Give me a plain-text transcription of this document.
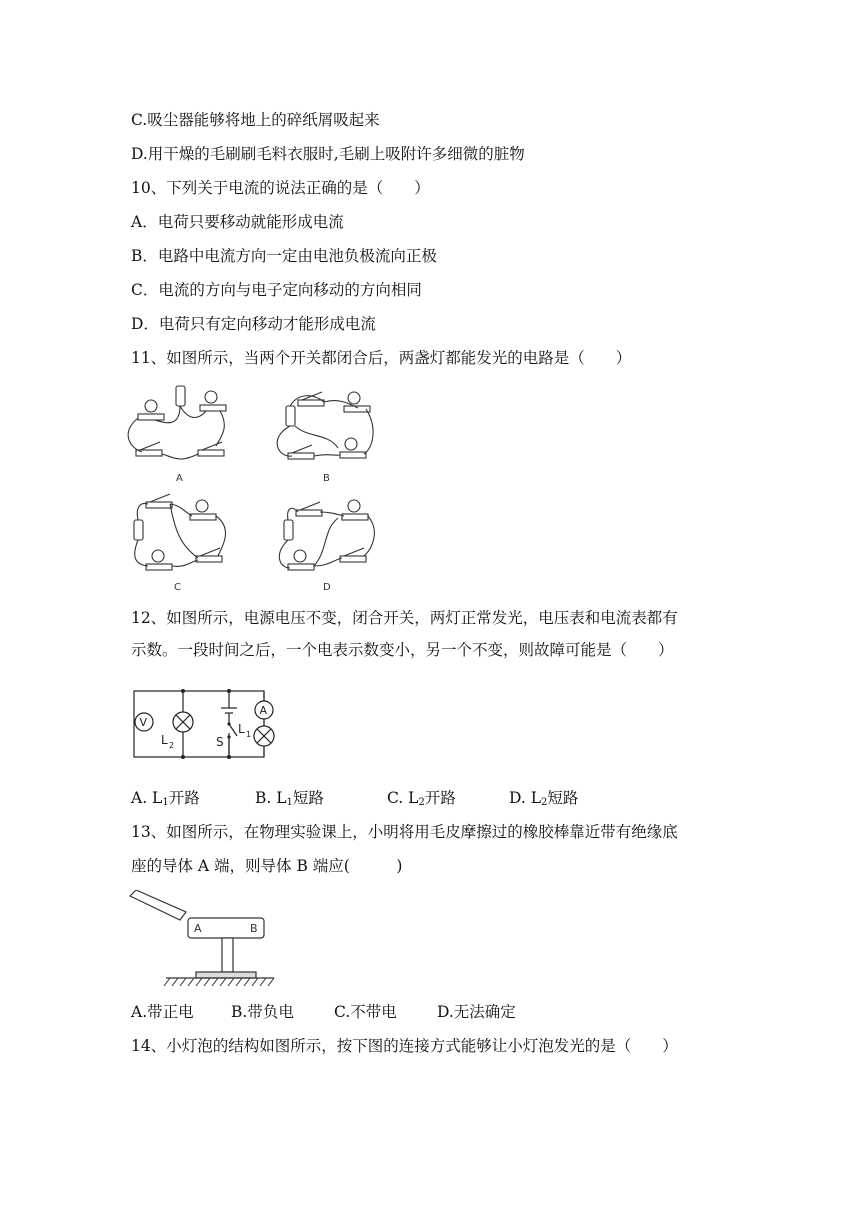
C.吸尘器能够将地上的碎纸屑吸起来
D.用干燥的毛刷刷毛料衣服时,毛刷上吸附许多细微的脏物
10、下列关于电流的说法正确的是（　　）
A．电荷只要移动就能形成电流
B．电路中电流方向一定由电池负极流向正极
C．电流的方向与电子定向移动的方向相同
D．电荷只有定向移动才能形成电流
11、如图所示，当两个开关都闭合后，两盏灯都能发光的电路是（　　）
A	B
C	D
12、如图所示，电源电压不变，闭合开关，两灯正常发光，电压表和电流表都有
示数。一段时间之后，一个电表示数变小，另一个不变，则故障可能是（　　）
V
A
L 2
L 1
S
A. $L_1$开路	B. $L_1$短路	C. $L_2$开路	D. $L_2$短路
13、如图所示，在物理实验课上，小明将用毛皮摩擦过的橡胶棒靠近带有绝缘底
座的导体 A 端，则导体 B 端应(　　　)
A	B
A.带正电 B.带负电	C.不带电	D.无法确定
14、小灯泡的结构如图所示，按下图的连接方式能够让小灯泡发光的是（　　）
